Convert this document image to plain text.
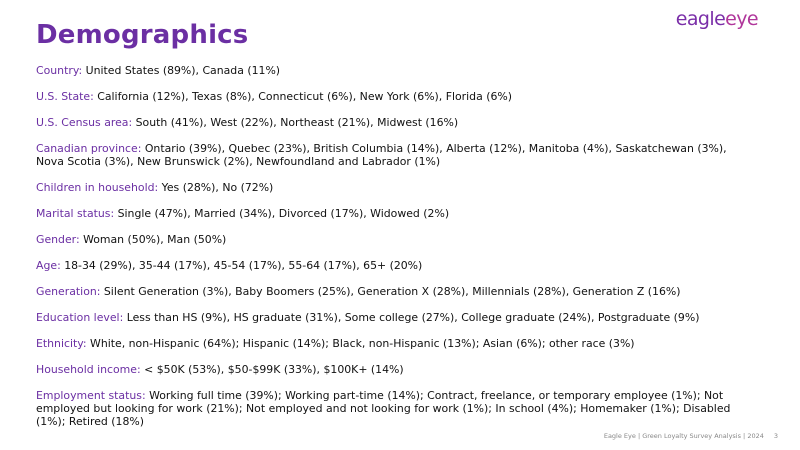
eagleeye
Demographics

Country: United States (89%), Canada (11%)

U.S. State: California (12%), Texas (8%), Connecticut (6%), New York (6%), Florida (6%)

U.S. Census area: South (41%), West (22%), Northeast (21%), Midwest (16%)

Canadian province: Ontario (39%), Quebec (23%), British Columbia (14%), Alberta (12%), Manitoba (4%), Saskatchewan (3%), Nova Scotia (3%), New Brunswick (2%), Newfoundland and Labrador (1%)

Children in household: Yes (28%), No (72%)

Marital status: Single (47%), Married (34%), Divorced (17%), Widowed (2%)

Gender: Woman (50%), Man (50%)

Age: 18-34 (29%), 35-44 (17%), 45-54 (17%), 55-64 (17%), 65+ (20%)

Generation: Silent Generation (3%), Baby Boomers (25%), Generation X (28%), Millennials (28%), Generation Z (16%)

Education level: Less than HS (9%), HS graduate (31%), Some college (27%), College graduate (24%), Postgraduate (9%)

Ethnicity: White, non-Hispanic (64%); Hispanic (14%); Black, non-Hispanic (13%); Asian (6%); other race (3%)

Household income: < $50K (53%), $50-$99K (33%), $100K+ (14%)

Employment status: Working full time (39%); Working part-time (14%); Contract, freelance, or temporary employee (1%); Not employed but looking for work (21%); Not employed and not looking for work (1%); In school (4%); Homemaker (1%); Disabled (1%); Retired (18%)

Eagle Eye | Green Loyalty Survey Analysis | 2024 3
